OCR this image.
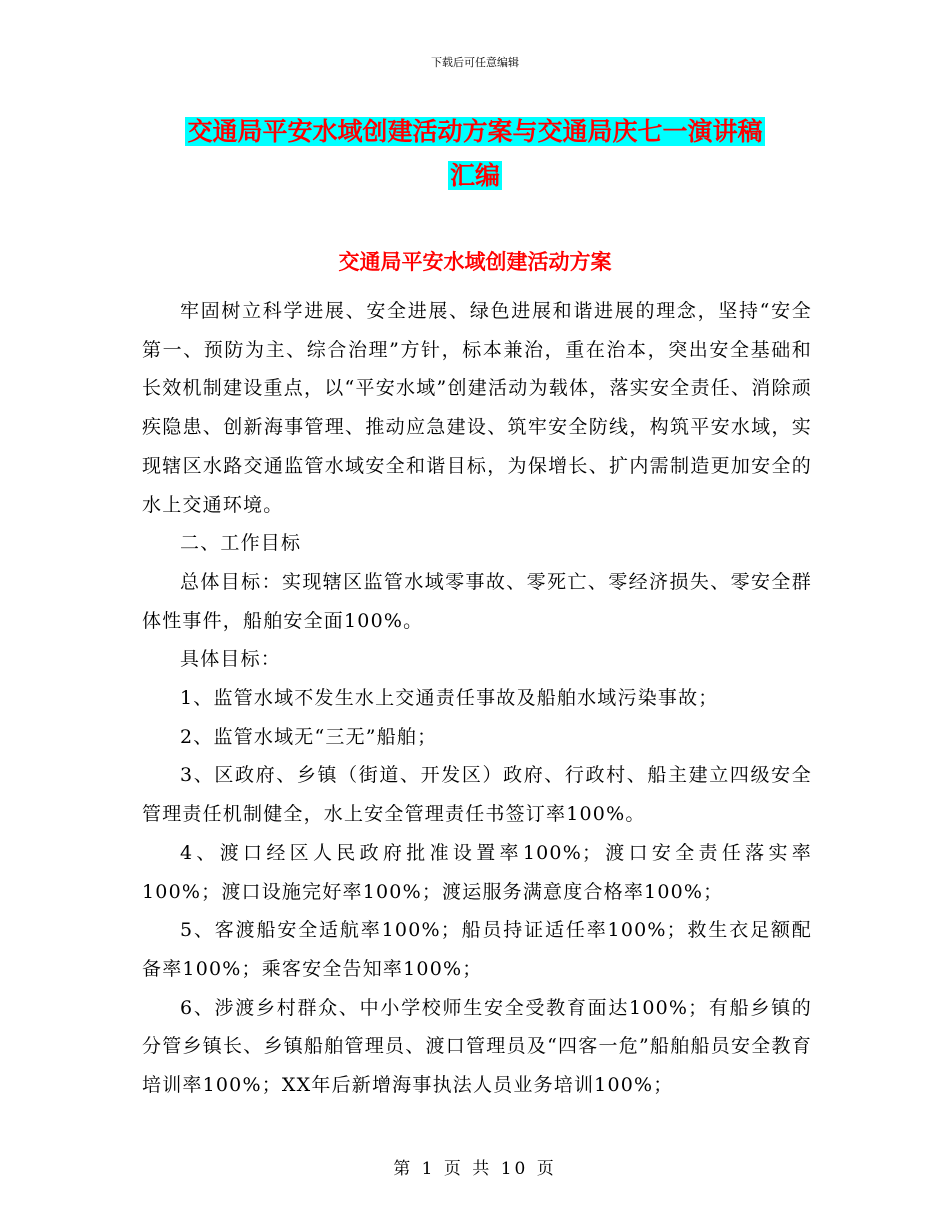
下载后可任意编辑
交通局平安水域创建活动方案与交通局庆七一演讲稿
汇编
交通局平安水域创建活动方案

牢固树立科学进展、安全进展、绿色进展和谐进展的理念，坚持“安全第一、预防为主、综合治理”方针，标本兼治，重在治本，突出安全基础和长效机制建设重点，以“平安水域”创建活动为载体，落实安全责任、消除顽疾隐患、创新海事管理、推动应急建设、筑牢安全防线，构筑平安水域，实现辖区水路交通监管水域安全和谐目标，为保增长、扩内需制造更加安全的水上交通环境。

二、工作目标

总体目标：实现辖区监管水域零事故、零死亡、零经济损失、零安全群体性事件，船舶安全面100%。

具体目标：

1、监管水域不发生水上交通责任事故及船舶水域污染事故；

2、监管水域无“三无”船舶；

3、区政府、乡镇（街道、开发区）政府、行政村、船主建立四级安全管理责任机制健全，水上安全管理责任书签订率100%。

4、渡口经区人民政府批准设置率100%；渡口安全责任落实率100%；渡口设施完好率100%；渡运服务满意度合格率100%；

5、客渡船安全适航率100%；船员持证适任率100%；救生衣足额配备率100%；乘客安全告知率100%；

6、涉渡乡村群众、中小学校师生安全受教育面达100%；有船乡镇的分管乡镇长、乡镇船舶管理员、渡口管理员及“四客一危”船舶船员安全教育培训率100%；XX年后新增海事执法人员业务培训100%；

第 1 页 共 10 页
